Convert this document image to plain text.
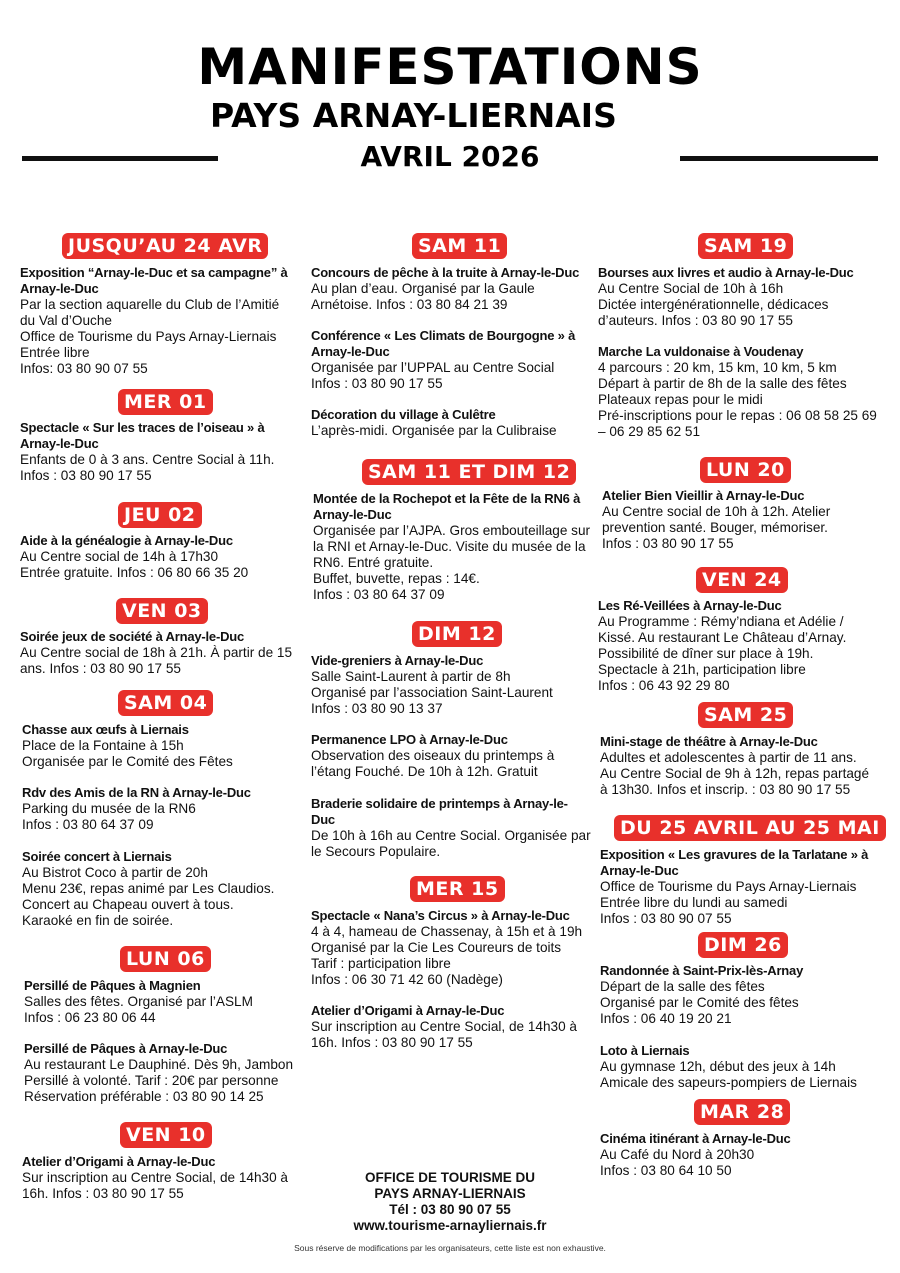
MANIFESTATIONS
PAYS ARNAY-LIERNAIS
AVRIL 2026
JUSQU’AU 24 AVR

Exposition “Arnay-le-Duc et sa campagne” à Arnay-le-Duc

Par la section aquarelle du Club de l’Amitié du Val d’Ouche

Office de Tourisme du Pays Arnay-Liernais

Entrée libre

Infos: 03 80 90 07 55

MER 01

Spectacle « Sur les traces de l’oiseau » à Arnay-le-Duc

Enfants de 0 à 3 ans. Centre Social à 11h.

Infos : 03 80 90 17 55

JEU 02

Aide à la généalogie à Arnay-le-Duc

Au Centre social de 14h à 17h30

Entrée gratuite. Infos : 06 80 66 35 20

VEN 03

Soirée jeux de société à Arnay-le-Duc

Au Centre social de 18h à 21h. À partir de 15 ans. Infos : 03 80 90 17 55

SAM 04

Chasse aux œufs à Liernais

Place de la Fontaine à 15h

Organisée par le Comité des Fêtes

Rdv des Amis de la RN à Arnay-le-Duc

Parking du musée de la RN6

Infos : 03 80 64 37 09

Soirée concert à Liernais

Au Bistrot Coco à partir de 20h

Menu 23€, repas animé par Les Claudios.

Concert au Chapeau ouvert à tous.

Karaoké en fin de soirée.

LUN 06

Persillé de Pâques à Magnien

Salles des fêtes. Organisé par l’ASLM

Infos : 06 23 80 06 44

Persillé de Pâques à Arnay-le-Duc

Au restaurant Le Dauphiné. Dès 9h, Jambon

Persillé à volonté. Tarif : 20€ par personne

Réservation préférable : 03 80 90 14 25

VEN 10

Atelier d’Origami à Arnay-le-Duc

Sur inscription au Centre Social, de 14h30 à 16h. Infos : 03 80 90 17 55

SAM 11

Concours de pêche à la truite à Arnay-le-Duc

Au plan d’eau. Organisé par la Gaule Arnétoise. Infos : 03 80 84 21 39

Conférence « Les Climats de Bourgogne » à Arnay-le-Duc

Organisée par l’UPPAL au Centre Social

Infos : 03 80 90 17 55

Décoration du village à Culêtre

L’après-midi. Organisée par la Culibraise

SAM 11 ET DIM 12

Montée de la Rochepot et la Fête de la RN6 à Arnay-le-Duc

Organisée par l’AJPA. Gros embouteillage sur la RNI et Arnay-le-Duc. Visite du musée de la RN6. Entré gratuite.

Buffet, buvette, repas : 14€.

Infos : 03 80 64 37 09

DIM 12

Vide-greniers à Arnay-le-Duc

Salle Saint-Laurent à partir de 8h

Organisé par l’association Saint-Laurent

Infos : 03 80 90 13 37

Permanence LPO à Arnay-le-Duc

Observation des oiseaux du printemps à l’étang Fouché. De 10h à 12h. Gratuit

Braderie solidaire de printemps à Arnay-le-Duc

De 10h à 16h au Centre Social. Organisée par le Secours Populaire.

MER 15

Spectacle « Nana’s Circus » à Arnay-le-Duc

4 à 4, hameau de Chassenay, à 15h et à 19h

Organisé par la Cie Les Coureurs de toits

Tarif : participation libre

Infos : 06 30 71 42 60 (Nadège)

Atelier d’Origami à Arnay-le-Duc

Sur inscription au Centre Social, de 14h30 à 16h. Infos : 03 80 90 17 55

SAM 19

Bourses aux livres et audio à Arnay-le-Duc

Au Centre Social de 10h à 16h

Dictée intergénérationnelle, dédicaces d’auteurs. Infos : 03 80 90 17 55

Marche La vuldonaise à Voudenay

4 parcours : 20 km, 15 km, 10 km, 5 km

Départ à partir de 8h de la salle des fêtes

Plateaux repas pour le midi

Pré-inscriptions pour le repas : 06 08 58 25 69 – 06 29 85 62 51

LUN 20

Atelier Bien Vieillir à Arnay-le-Duc

Au Centre social de 10h à 12h. Atelier prevention santé. Bouger, mémoriser.

Infos : 03 80 90 17 55

VEN 24

Les Ré-Veillées à Arnay-le-Duc

Au Programme : Rémy’ndiana et Adélie / Kissé. Au restaurant Le Château d’Arnay.

Possibilité de dîner sur place à 19h.

Spectacle à 21h, participation libre

Infos : 06 43 92 29 80

SAM 25

Mini-stage de théâtre à Arnay-le-Duc

Adultes et adolescentes à partir de 11 ans.

Au Centre Social de 9h à 12h, repas partagé à 13h30. Infos et inscrip. : 03 80 90 17 55

DU 25 AVRIL AU 25 MAI

Exposition « Les gravures de la Tarlatane » à Arnay-le-Duc

Office de Tourisme du Pays Arnay-Liernais

Entrée libre du lundi au samedi

Infos : 03 80 90 07 55

DIM 26

Randonnée à Saint-Prix-lès-Arnay

Départ de la salle des fêtes

Organisé par le Comité des fêtes

Infos : 06 40 19 20 21

Loto à Liernais

Au gymnase 12h, début des jeux à 14h

Amicale des sapeurs-pompiers de Liernais

MAR 28

Cinéma itinérant à Arnay-le-Duc

Au Café du Nord à 20h30

Infos : 03 80 64 10 50

OFFICE DE TOURISME DU
PAYS ARNAY-LIERNAIS
Tél : 03 80 90 07 55
www.tourisme-arnayliernais.fr
Sous réserve de modifications par les organisateurs, cette liste est non exhaustive.
